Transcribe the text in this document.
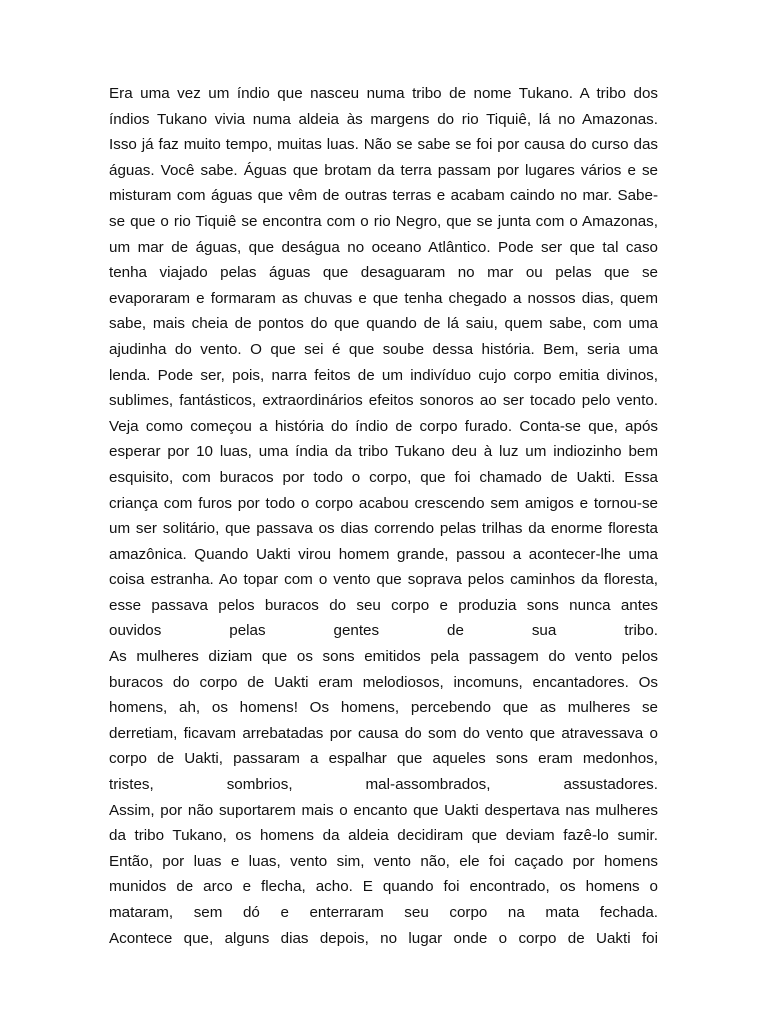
Era uma vez um índio que nasceu numa tribo de nome Tukano. A tribo dos
índios Tukano vivia numa aldeia às margens do rio Tiquiê, lá no Amazonas.
Isso já faz muito tempo, muitas luas. Não se sabe se foi por causa do curso das
águas. Você sabe. Águas que brotam da terra passam por lugares vários e se
misturam com águas que vêm de outras terras e acabam caindo no mar. Sabe-
se que o rio Tiquiê se encontra com o rio Negro, que se junta com o Amazonas,
um mar de águas, que deságua no oceano Atlântico. Pode ser que tal caso
tenha viajado pelas águas que desaguaram no mar ou pelas que se
evaporaram e formaram as chuvas e que tenha chegado a nossos dias, quem
sabe, mais cheia de pontos do que quando de lá saiu, quem sabe, com uma
ajudinha do vento. O que sei é que soube dessa história. Bem, seria uma
lenda. Pode ser, pois, narra feitos de um indivíduo cujo corpo emitia divinos,
sublimes, fantásticos, extraordinários efeitos sonoros ao ser tocado pelo vento.
Veja como começou a história do índio de corpo furado. Conta-se que, após
esperar por 10 luas, uma índia da tribo Tukano deu à luz um indiozinho bem
esquisito, com buracos por todo o corpo, que foi chamado de Uakti. Essa
criança com furos por todo o corpo acabou crescendo sem amigos e tornou-se
um ser solitário, que passava os dias correndo pelas trilhas da enorme floresta
amazônica. Quando Uakti virou homem grande, passou a acontecer-lhe uma
coisa estranha. Ao topar com o vento que soprava pelos caminhos da floresta,
esse passava pelos buracos do seu corpo e produzia sons nunca antes
ouvidos pelas gentes de sua tribo.
As mulheres diziam que os sons emitidos pela passagem do vento pelos
buracos do corpo de Uakti eram melodiosos, incomuns, encantadores. Os
homens, ah, os homens! Os homens, percebendo que as mulheres se
derretiam, ficavam arrebatadas por causa do som do vento que atravessava o
corpo de Uakti, passaram a espalhar que aqueles sons eram medonhos,
tristes, sombrios, mal-assombrados, assustadores.
Assim, por não suportarem mais o encanto que Uakti despertava nas mulheres
da tribo Tukano, os homens da aldeia decidiram que deviam fazê-lo sumir.
Então, por luas e luas, vento sim, vento não, ele foi caçado por homens
munidos de arco e flecha, acho. E quando foi encontrado, os homens o
mataram, sem dó e enterraram seu corpo na mata fechada.
Acontece que, alguns dias depois, no lugar onde o corpo de Uakti foi
